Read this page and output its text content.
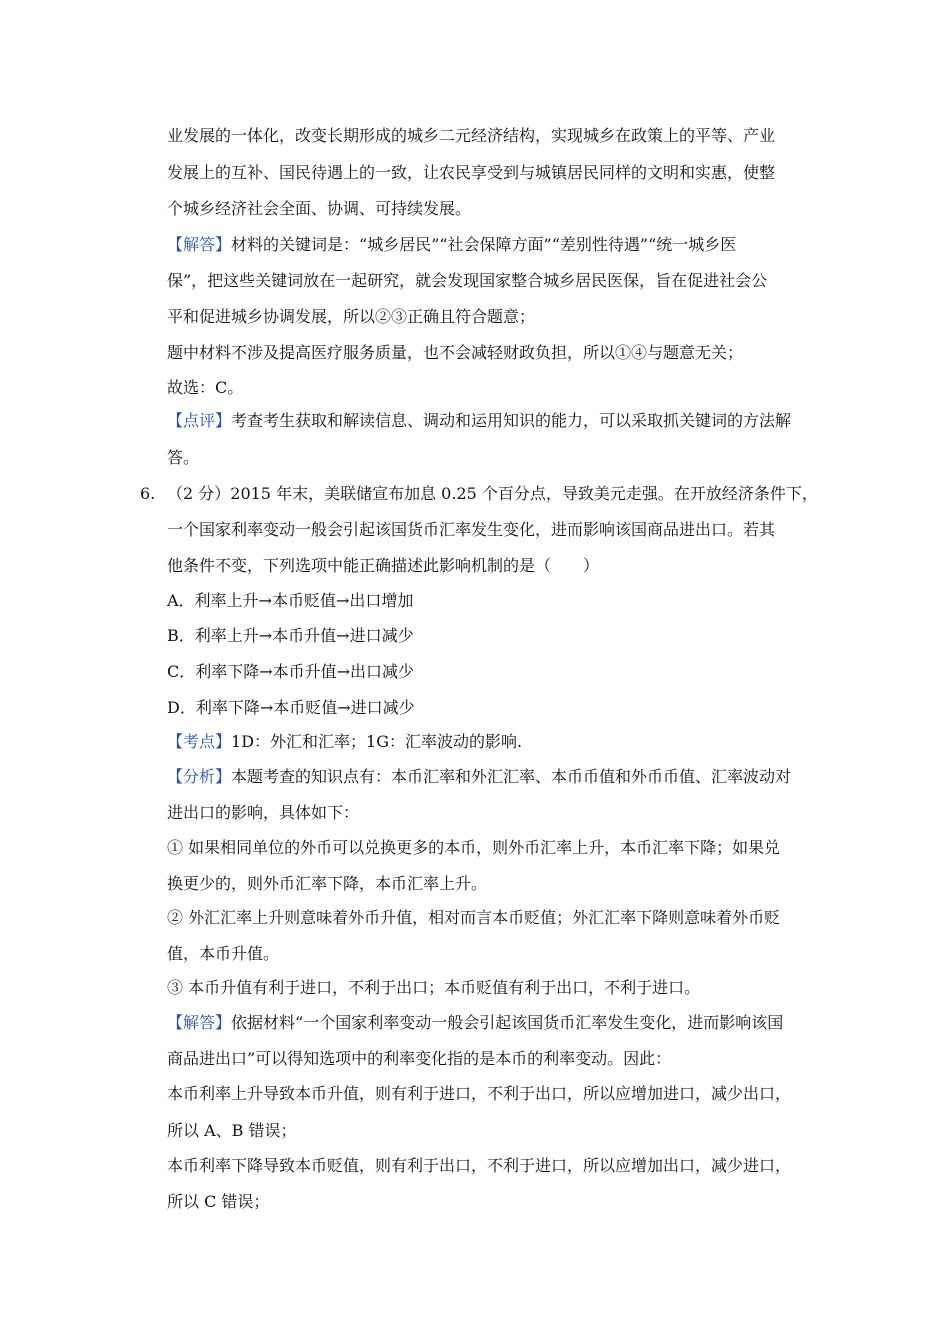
业发展的一体化，改变长期形成的城乡二元经济结构，实现城乡在政策上的平等、产业
发展上的互补、国民待遇上的一致，让农民享受到与城镇居民同样的文明和实惠，使整
个城乡经济社会全面、协调、可持续发展。
【解答】材料的关键词是：“城乡居民”“社会保障方面”“差别性待遇”“统一城乡医
保”，把这些关键词放在一起研究，就会发现国家整合城乡居民医保，旨在促进社会公
平和促进城乡协调发展，所以②③正确且符合题意；
题中材料不涉及提高医疗服务质量，也不会减轻财政负担，所以①④与题意无关；
故选：C。
【点评】考查考生获取和解读信息、调动和运用知识的能力，可以采取抓关键词的方法解
答。
6. （2 分）2015 年末，美联储宣布加息 0.25 个百分点，导致美元走强。在开放经济条件下，
一个国家利率变动一般会引起该国货币汇率发生变化，进而影响该国商品进出口。若其
他条件不变，下列选项中能正确描述此影响机制的是（　　）
A．利率上升→本币贬值→出口增加
B．利率上升→本币升值→进口减少
C．利率下降→本币升值→出口减少
D．利率下降→本币贬值→进口减少
【考点】1D：外汇和汇率；1G：汇率波动的影响.
【分析】本题考查的知识点有：本币汇率和外汇汇率、本币币值和外币币值、汇率波动对
进出口的影响，具体如下：
① 如果相同单位的外币可以兑换更多的本币，则外币汇率上升，本币汇率下降；如果兑
换更少的，则外币汇率下降，本币汇率上升。
② 外汇汇率上升则意味着外币升值，相对而言本币贬值；外汇汇率下降则意味着外币贬
值，本币升值。
③ 本币升值有利于进口，不利于出口；本币贬值有利于出口，不利于进口。
【解答】依据材料“一个国家利率变动一般会引起该国货币汇率发生变化，进而影响该国
商品进出口”可以得知选项中的利率变化指的是本币的利率变动。因此：
本币利率上升导致本币升值，则有利于进口，不利于出口，所以应增加进口，减少出口，
所以 A、B 错误；
本币利率下降导致本币贬值，则有利于出口，不利于进口，所以应增加出口，减少进口，
所以 C 错误；
